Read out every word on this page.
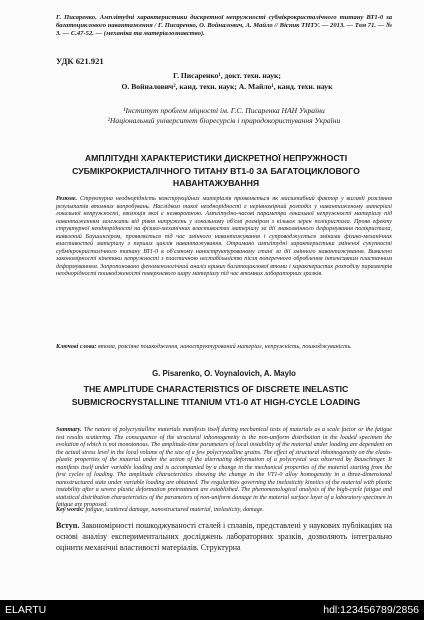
Г. Писаренко. Амплітудні характеристики дискретної непружності субмікрокристалічного титану ВТ1-0 за багатоциклового навантаження / Г. Писаренко, О. Войналович, А. Майло // Вісник ТНТУ. — 2013. — Том 71. — № 3. — С.47-52. — (механіка та матеріалознавство).
УДК 621.921
Г. Писаренко¹, докт. техн. наук;
О. Войналович², канд. техн. наук; А. Майло¹, канд. техн. наук
¹Інститут проблем міцності ім. Г.С. Писаренка НАН України
²Національний університет біоресурсів і природокористування України
АМПЛІТУДНІ ХАРАКТЕРИСТИКИ ДИСКРЕТНОЇ НЕПРУЖНОСТІ СУБМІКРОКРИСТАЛІЧНОГО ТИТАНУ ВТ1-0 ЗА БАГАТОЦИКЛОВОГО НАВАНТАЖУВАННЯ
Резюме. Структурна неоднорідність конструкційних матеріалів проявляється як масштабний фактор у вигляді розсіяння результатів втомних випробувань. Наслідком такої неоднорідності є нерівномірний розподіл у навантаженому матеріалі локальної непружності, еволюція якої є незворотною. Амплітудно-часові параметри локальної непружності матеріалу під навантаженням залежать від рівня напружень у локальному об'ємі розміром з кількох зерен полікристала. Прояв ефекту структурної неоднорідності на фізико-механічних властивостях матеріалу за дії знакозмінного деформування полікристала, виявлений Баушингером, проявляється під час змінного навантажування і супроводжується змінами фізико-механічних властивостей матеріалу з перших циклів навантажування. Отримано амплітудні характеристики зміненої сукупності субмікрокристалічного титану ВТ1-0 в об'ємному наноструктурованому стані за дії змінного навантажування. Виявлено закономірності кінетики непружності з пластичною нестабільністю після поперечного оброблення інтенсивним пластичним деформуванням. Запропоновано феноменологічний аналіз кривих багатоциклової втоми і характеристик розподілу параметрів неоднорідності пошкодженості поверхневого шару матеріалу під час втомних лабораторних зразків.
Ключові слова: втома, розсіяне пошкодження, наноструктурований матеріал, непружність, пошкоджуваність.
G. Pisarenko, O. Voynalovich, A. Maylo
THE AMPLITUDE CHARACTERISTICS OF DISCRETE INELASTIC SUBMICROCRYSTALLINE TITANIUM VT1-0 AT HIGH-CYCLE LOADING
Summary. The nature of polycrystalline materials manifests itself during mechanical tests of materials as a scale factor or the fatigue test results scattering. The consequence of the structural inhomogeneity is the non-uniform distribution in the loaded specimen the evolution of which is not monotonous. The amplitude-time parameters of local instability of the material under loading are dependent on the actual stress level in the local volume of the size of a few polycrystalline grains. The effect of structural inhomogeneity on the elasto-plastic properties of the material under the action of the alternating deformation of a polycrystal was observed by Bauschinger. It manifests itself under variable loading and is accompanied by a change in the mechanical properties of the material starting from the first cycles of loading. The amplitude characteristics showing the change in the VT1-0 alloy homogeneity in a three-dimensional nanostructured state under variable loading are obtained. The regularities governing the inelasticity kinetics of the material with plastic instability after a severe plastic deformation pretreatment are established. The phenomenological analysis of the high-cycle fatigue and statistical distribution characteristics of the parameters of non-uniform damage in the material surface layer of a laboratory specimen in fatigue are proposed.
Key words: fatigue, scattered damage, nanostructured material, inelasticity, damage.
Вступ. Закономірності пошкоджуваності сталей і сплавів, представлені у наукових публікаціях на основі аналізу експериментальних досліджень лабораторних зразків, дозволяють інтегрально оцінити механічні властивості матеріалів. Структурна
ELARTU	hdl:123456789/2856
